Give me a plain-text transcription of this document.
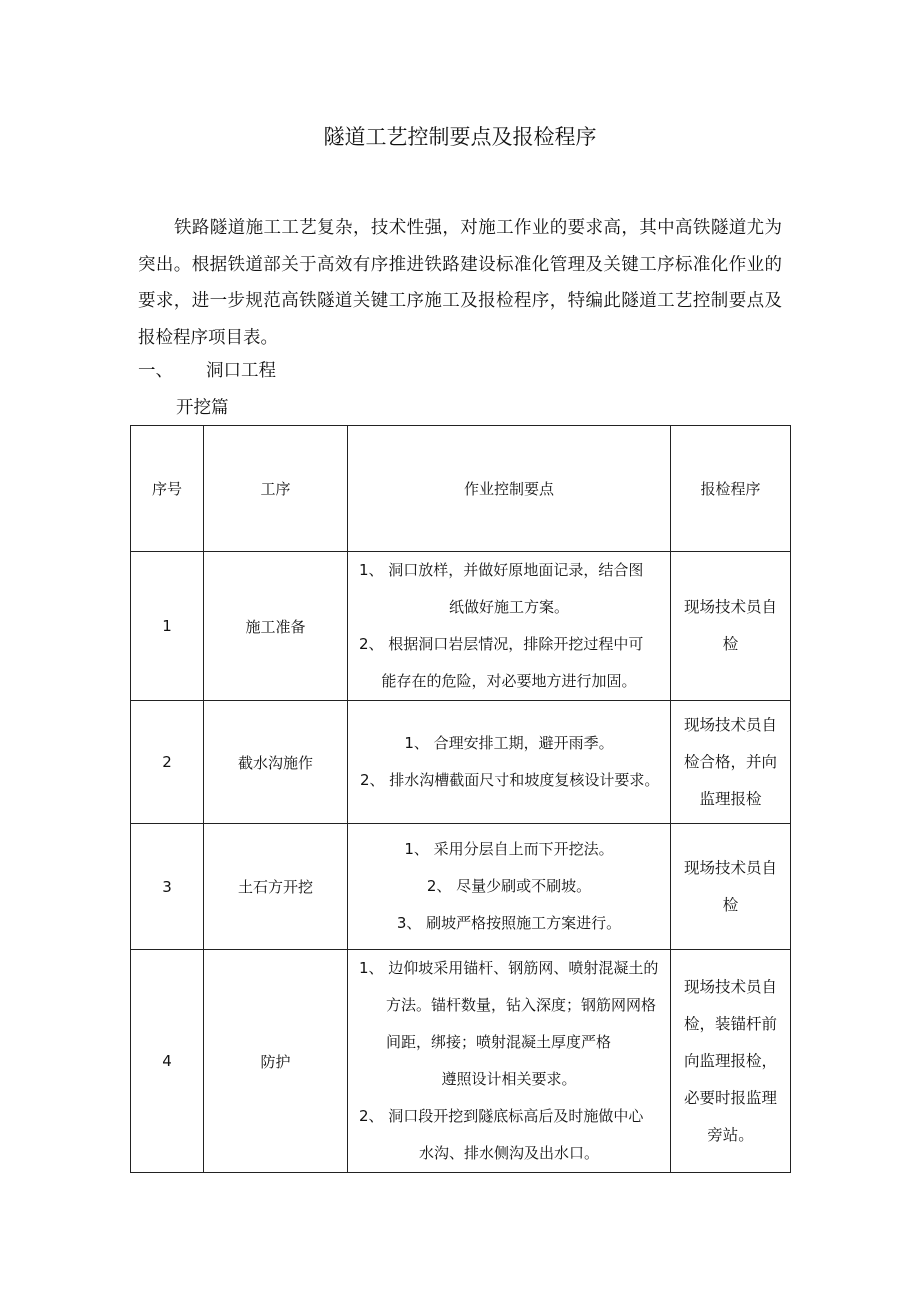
隧道工艺控制要点及报检程序

铁路隧道施工工艺复杂，技术性强，对施工作业的要求高，其中高铁隧道尤为突出。根据铁道部关于高效有序推进铁路建设标准化管理及关键工序标准化作业的要求，进一步规范高铁隧道关键工序施工及报检程序，特编此隧道工艺控制要点及报检程序项目表。

一、 洞口工程

开挖篇

序号	工序	作业控制要点	报检程序
1	施工准备	1、 洞口放样，并做好原地面记录，结合图
纸做好施工方案。

2、 根据洞口岩层情况，排除开挖过程中可
能存在的危险，对必要地方进行加固。	现场技术员自检
2	截水沟施作	1、 合理安排工期，避开雨季。

2、 排水沟槽截面尺寸和坡度复核设计要求。	现场技术员自检合格，并向监理报检
3	土石方开挖	1、 采用分层自上而下开挖法。

2、 尽量少刷或不刷坡。

3、 刷坡严格按照施工方案进行。	现场技术员自检
4	防护	1、 边仰坡采用锚杆、钢筋网、喷射混凝土的方法。锚杆数量，钻入深度；钢筋网网格间距，绑接；喷射混凝土厚度严格
遵照设计相关要求。

2、 洞口段开挖到隧底标高后及时施做中心
水沟、排水侧沟及出水口。	现场技术员自检，装锚杆前向监理报检，必要时报监理旁站。
